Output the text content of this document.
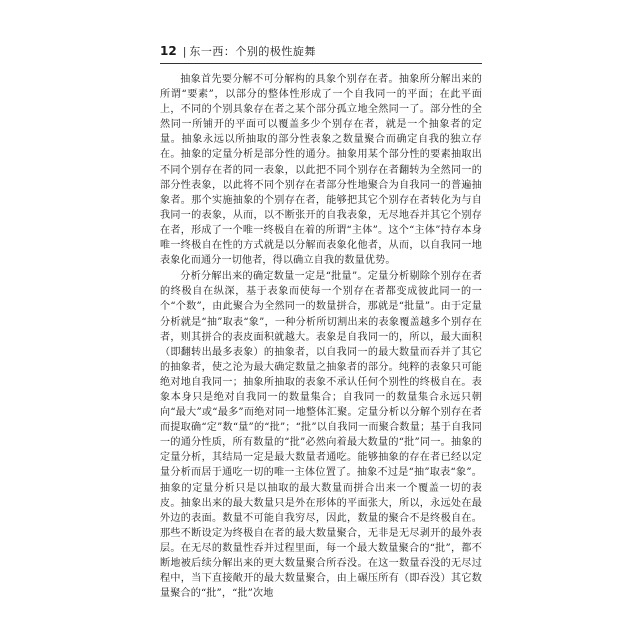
12 | 东一西：个别的极性旋舞

抽象首先要分解不可分解构的具象个别存在者。抽象所分解出来的所谓“要素”，以部分的整体性形成了一个自我同一的平面；在此平面上，不同的个别具象存在者之某个部分孤立地全然同一了。部分性的全然同一所铺开的平面可以覆盖多少个别存在者，就是一个抽象者的定量。抽象永远以所抽取的部分性表象之数量聚合而确定自我的独立存在。抽象的定量分析是部分性的通分。抽象用某个部分性的要素抽取出不同个别存在者的同一表象，以此把不同个别存在者翻转为全然同一的部分性表象，以此将不同个别存在者部分性地聚合为自我同一的普遍抽象者。那个实施抽象的个别存在者，能够把其它个别存在者转化为与自我同一的表象，从而，以不断张开的自我表象，无尽地吞并其它个别存在者，形成了一个唯一终极自在着的所谓“主体”。这个“主体”持存本身唯一终极自在性的方式就是以分解而表象化他者，从而，以自我同一地表象化而通分一切他者，得以确立自我的数量优势。

分析分解出来的确定数量一定是“批量”。定量分析剔除个别存在者的终极自在纵深，基于表象而使每一个别存在者都变成彼此同一的一个“个数”，由此聚合为全然同一的数量拼合，那就是“批量”。由于定量分析就是“抽”取表“象”，一种分析所切割出来的表象覆盖越多个别存在者，则其拼合的表皮面积就越大。表象是自我同一的，所以，最大面积（即翻转出最多表象）的抽象者，以自我同一的最大数量而吞并了其它的抽象者，使之沦为最大确定数量之抽象者的部分。纯粹的表象只可能绝对地自我同一；抽象所抽取的表象不承认任何个别性的终极自在。表象本身只是绝对自我同一的数量集合；自我同一的数量集合永远只朝向“最大”或“最多”而绝对同一地整体汇聚。定量分析以分解个别存在者而提取确“定”数“量”的“批”；“批”以自我同一而聚合数量；基于自我同一的通分性质，所有数量的“批”必然向着最大数量的“批”同一。抽象的定量分析，其结局一定是最大数量者通吃。能够抽象的存在者已经以定量分析而居于通吃一切的唯一主体位置了。抽象不过是“抽”取表“象”。抽象的定量分析只是以抽取的最大数量而拼合出来一个覆盖一切的表皮。抽象出来的最大数量只是外在形体的平面张大，所以，永远处在最外边的表面。数量不可能自我穷尽，因此，数量的聚合不是终极自在。那些不断设定为终极自在者的最大数量聚合，无非是无尽剥开的最外表层。在无尽的数量性吞并过程里面，每一个最大数量聚合的“批”，都不断地被后续分解出来的更大数量聚合所吞没。在这一数量吞没的无尽过程中，当下直接敞开的最大数量聚合，由上碾压所有（即吞没）其它数量聚合的“批”，“批”次地
